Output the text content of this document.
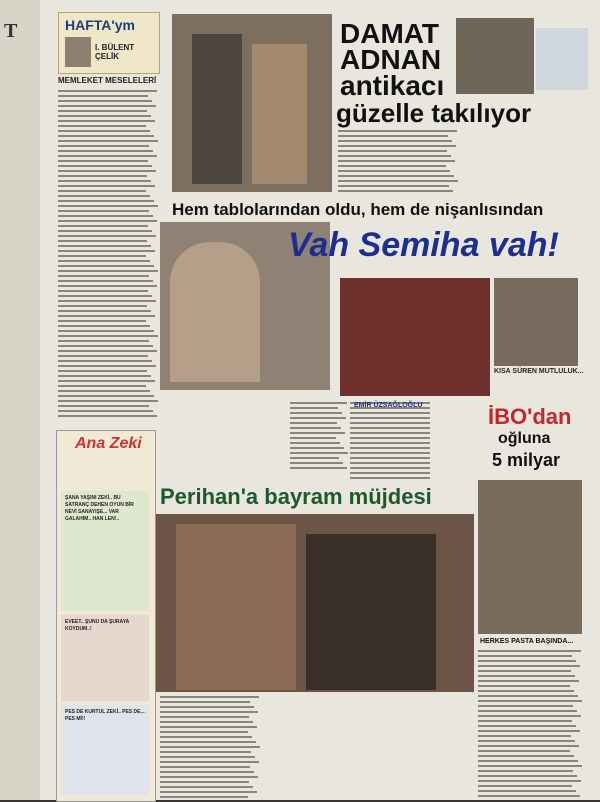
T	HAFTA'ym
I. BÜLENT ÇELİK
MEMLEKET MESELELERİ
DAMAT
ADNAN
antikacı
güzelle takılıyor
Hem tablolarından oldu, hem de nişanlısından
Vah Semiha vah!
KISA SÜREN MUTLULUK...
EMİR ÜZSAĞLOĞLU	İBO'dan
oğluna
5 milyar
HERKES PASTA BAŞINDA...
Perihan'a bayram müjdesi
Ana Zeki
ŞANA YAŞINI ZEKİ.. BU SATRANÇ DEHEN OYUN BİR NEVİ SANAYIŞE... VAR GALAHIM.. HAN LEN!..
EVEET.. ŞUNU DA ŞURAYA KOYDUM..!
PES DE KURTUL ZEKİ.. PES DE... PES Mİ!!
